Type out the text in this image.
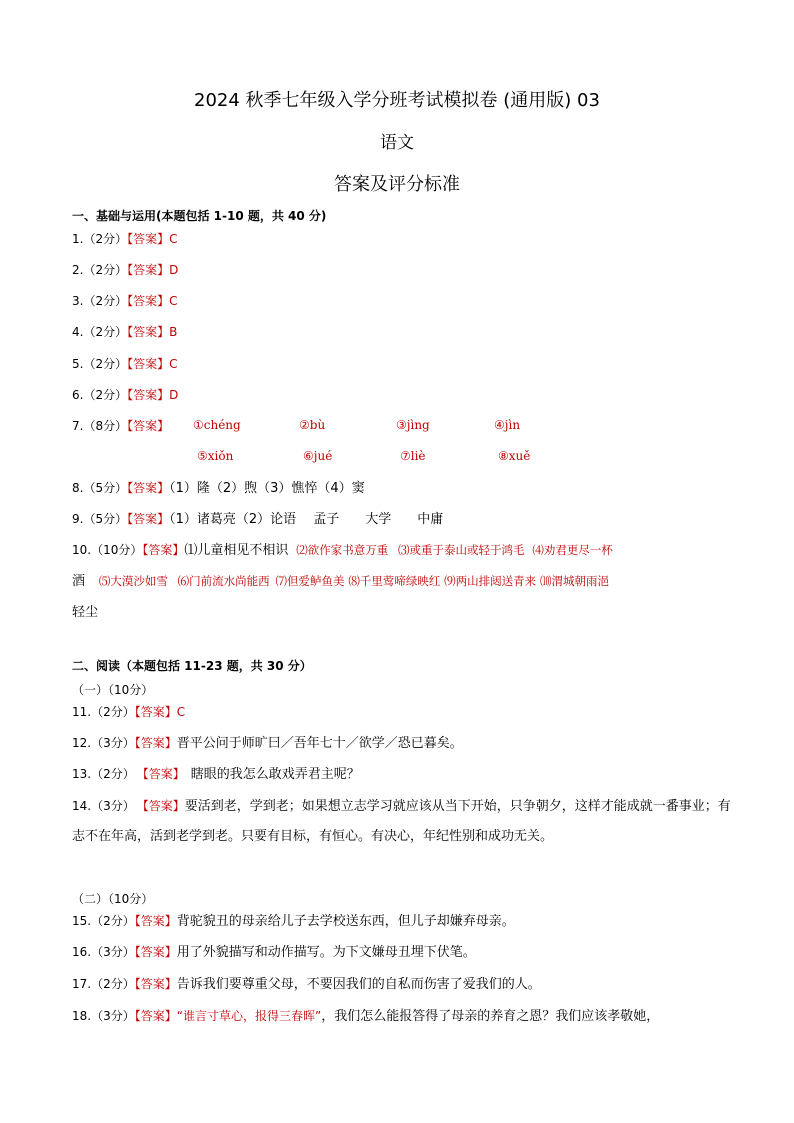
2024 秋季七年级入学分班考试模拟卷 (通用版) 03
语文
答案及评分标准
一、基础与运用(本题包括 1-10 题，共 40 分)
1.（2分）【答案】C
2.（2分）【答案】D
3.（2分）【答案】C
4.（2分）【答案】B
5.（2分）【答案】C
6.（2分）【答案】D
7.（8分）【答案】 ①chéng	②bù	③jìng	④jìn
⑤xiǒn	⑥jué	⑦liè	⑧xuě
8.（5分）【答案】（1）隆（2）煦（3）憔悴（4）窦
9.（5分）【答案】（1）诸葛亮（2）论语　 孟子　　大学　　中庸
10.（10分）【答案】⑴儿童相见不相识 ⑵欲作家书意万重 ⑶或重于泰山或轻于鸿毛 ⑷劝君更尽一杯
酒 ⑸大漠沙如雪 ⑹门前流水尚能西 ⑺但爱鲈鱼美 ⑻千里莺啼绿映红 ⑼两山排闼送青来 ⑽渭城朝雨浥
轻尘
二、阅读（本题包括 11-23 题，共 30 分）
（一）（10分）
11.（2分）【答案】C
12.（3分）【答案】晋平公问于师旷曰／吾年七十／欲学／恐已暮矣。
13.（2分） 【答案】 瞎眼的我怎么敢戏弄君主呢？
14.（3分） 【答案】要活到老，学到老；如果想立志学习就应该从当下开始，只争朝夕，这样才能成就一番事业；有志不在年高，活到老学到老。只要有目标，有恒心。有决心，年纪性别和成功无关。
（二）（10分）
15.（2分）【答案】背驼貌丑的母亲给儿子去学校送东西，但儿子却嫌弃母亲。
16.（3分）【答案】用了外貌描写和动作描写。为下文嫌母丑埋下伏笔。
17.（2分）【答案】告诉我们要尊重父母，不要因我们的自私而伤害了爱我们的人。
18.（3分）【答案】“谁言寸草心，报得三春晖”，我们怎么能报答得了母亲的养育之恩？我们应该孝敬她，
